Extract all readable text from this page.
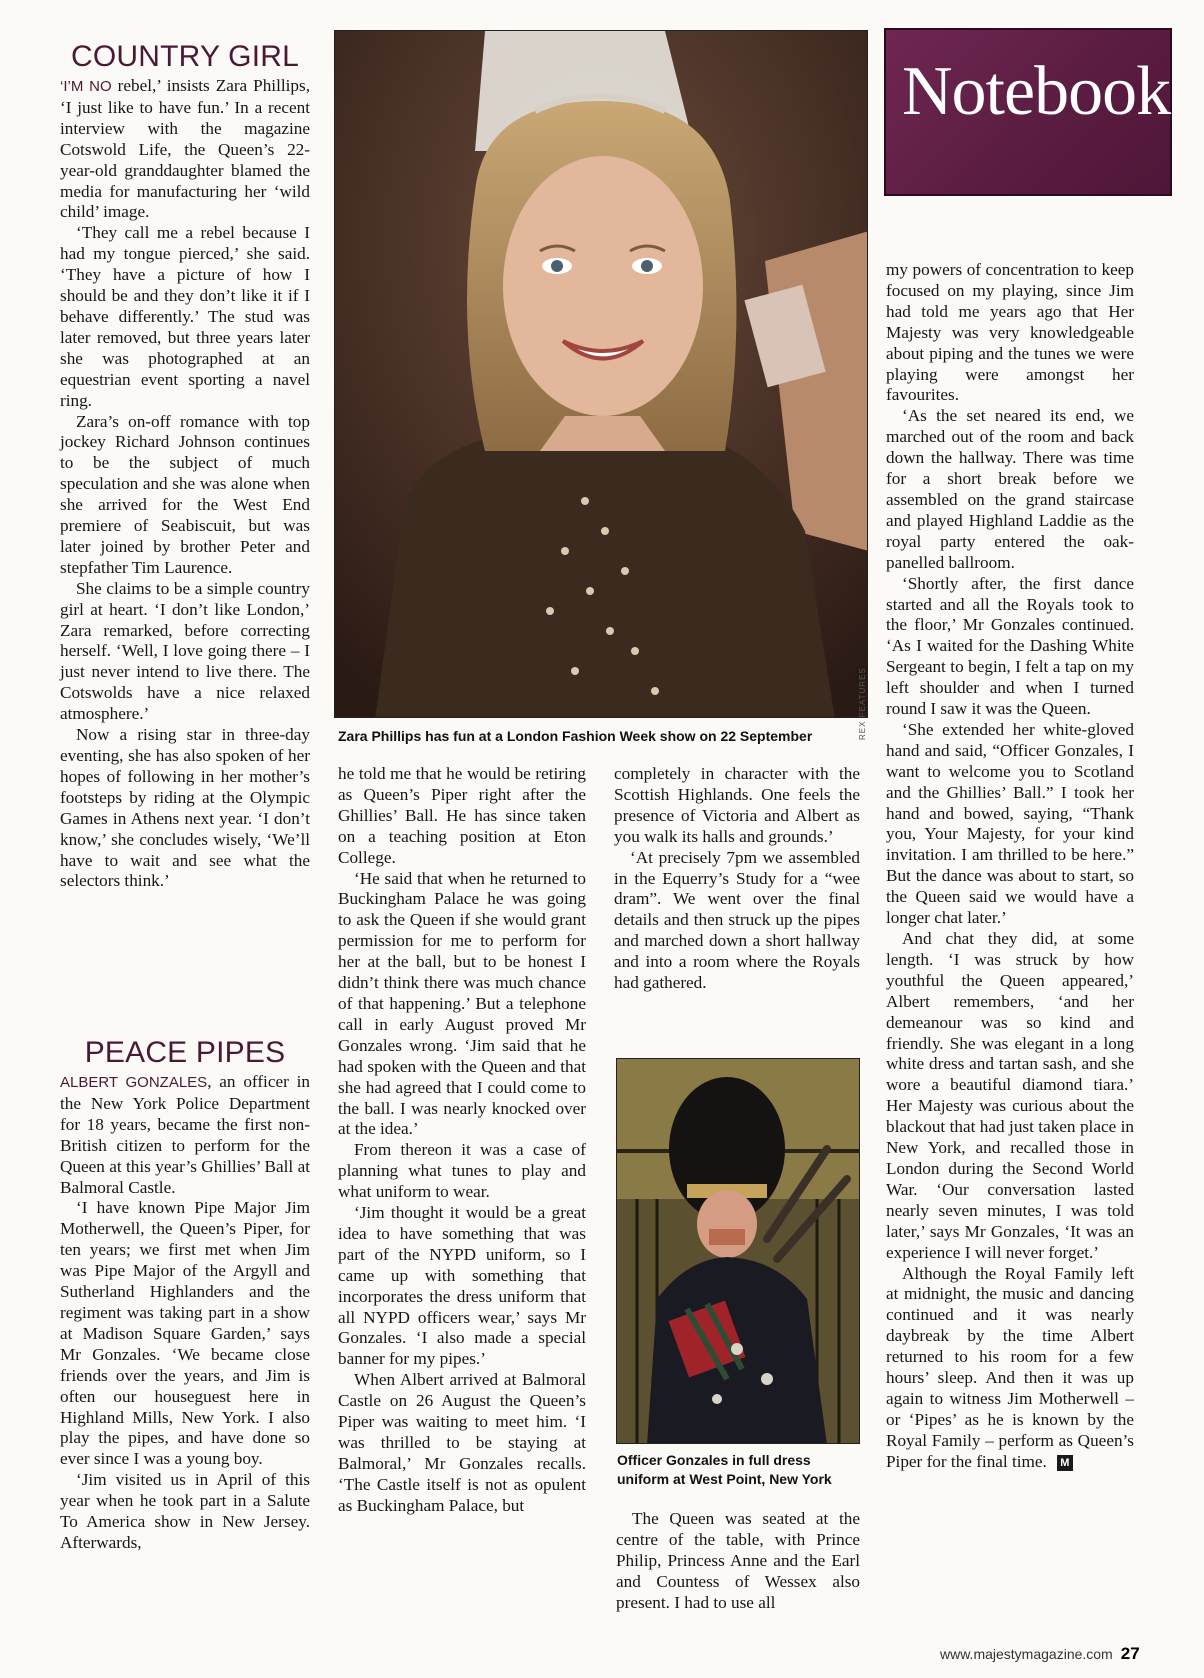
Notebook
COUNTRY GIRL

‘I’M NO rebel,’ insists Zara Phillips, ‘I just like to have fun.’ In a recent interview with the magazine Cotswold Life, the Queen’s 22-year-old granddaughter blamed the media for manufacturing her ‘wild child’ image.

‘They call me a rebel because I had my tongue pierced,’ she said. ‘They have a picture of how I should be and they don’t like it if I behave differently.’ The stud was later removed, but three years later she was photographed at an equestrian event sporting a navel ring.

Zara’s on-off romance with top jockey Richard Johnson continues to be the subject of much speculation and she was alone when she arrived for the West End premiere of Seabiscuit, but was later joined by brother Peter and stepfather Tim Laurence.

She claims to be a simple country girl at heart. ‘I don’t like London,’ Zara remarked, before correcting herself. ‘Well, I love going there – I just never intend to live there. The Cotswolds have a nice relaxed atmosphere.’

Now a rising star in three-day eventing, she has also spoken of her hopes of following in her mother’s footsteps by riding at the Olympic Games in Athens next year. ‘I don’t know,’ she concludes wisely, ‘We’ll have to wait and see what the selectors think.’

PEACE PIPES

ALBERT GONZALES, an officer in the New York Police Department for 18 years, became the first non-British citizen to perform for the Queen at this year’s Ghillies’ Ball at Balmoral Castle.

‘I have known Pipe Major Jim Motherwell, the Queen’s Piper, for ten years; we first met when Jim was Pipe Major of the Argyll and Sutherland Highlanders and the regiment was taking part in a show at Madison Square Garden,’ says Mr Gonzales. ‘We became close friends over the years, and Jim is often our houseguest here in Highland Mills, New York. I also play the pipes, and have done so ever since I was a young boy.

‘Jim visited us in April of this year when he took part in a Salute To America show in New Jersey. Afterwards,

REX FEATURES
Zara Phillips has fun at a London Fashion Week show on 22 September

he told me that he would be retiring as Queen’s Piper right after the Ghillies’ Ball. He has since taken on a teaching position at Eton College.

‘He said that when he returned to Buckingham Palace he was going to ask the Queen if she would grant permission for me to perform for her at the ball, but to be honest I didn’t think there was much chance of that happening.’ But a telephone call in early August proved Mr Gonzales wrong. ‘Jim said that he had spoken with the Queen and that she had agreed that I could come to the ball. I was nearly knocked over at the idea.’

From thereon it was a case of planning what tunes to play and what uniform to wear.

‘Jim thought it would be a great idea to have something that was part of the NYPD uniform, so I came up with something that incorporates the dress uniform that all NYPD officers wear,’ says Mr Gonzales. ‘I also made a special banner for my pipes.’

When Albert arrived at Balmoral Castle on 26 August the Queen’s Piper was waiting to meet him. ‘I was thrilled to be staying at Balmoral,’ Mr Gonzales recalls. ‘The Castle itself is not as opulent as Buckingham Palace, but

completely in character with the Scottish Highlands. One feels the presence of Victoria and Albert as you walk its halls and grounds.’

‘At precisely 7pm we assembled in the Equerry’s Study for a “wee dram”. We went over the final details and then struck up the pipes and marched down a short hallway and into a room where the Royals had gathered.

Officer Gonzales in full dress
uniform at West Point, New York

The Queen was seated at the centre of the table, with Prince Philip, Princess Anne and the Earl and Countess of Wessex also present. I had to use all

my powers of concentration to keep focused on my playing, since Jim had told me years ago that Her Majesty was very knowledgeable about piping and the tunes we were playing were amongst her favourites.

‘As the set neared its end, we marched out of the room and back down the hallway. There was time for a short break before we assembled on the grand staircase and played Highland Laddie as the royal party entered the oak-panelled ballroom.

‘Shortly after, the first dance started and all the Royals took to the floor,’ Mr Gonzales continued. ‘As I waited for the Dashing White Sergeant to begin, I felt a tap on my left shoulder and when I turned round I saw it was the Queen.

‘She extended her white-gloved hand and said, “Officer Gonzales, I want to welcome you to Scotland and the Ghillies’ Ball.” I took her hand and bowed, saying, “Thank you, Your Majesty, for your kind invitation. I am thrilled to be here.” But the dance was about to start, so the Queen said we would have a longer chat later.’

And chat they did, at some length. ‘I was struck by how youthful the Queen appeared,’ Albert remembers, ‘and her demeanour was so kind and friendly. She was elegant in a long white dress and tartan sash, and she wore a beautiful diamond tiara.’ Her Majesty was curious about the blackout that had just taken place in New York, and recalled those in London during the Second World War. ‘Our conversation lasted nearly seven minutes, I was told later,’ says Mr Gonzales, ‘It was an experience I will never forget.’

Although the Royal Family left at midnight, the music and dancing continued and it was nearly daybreak by the time Albert returned to his room for a few hours’ sleep. And then it was up again to witness Jim Motherwell – or ‘Pipes’ as he is known by the Royal Family – perform as Queen’s Piper for the final time. M

www.majestymagazine.com 27
